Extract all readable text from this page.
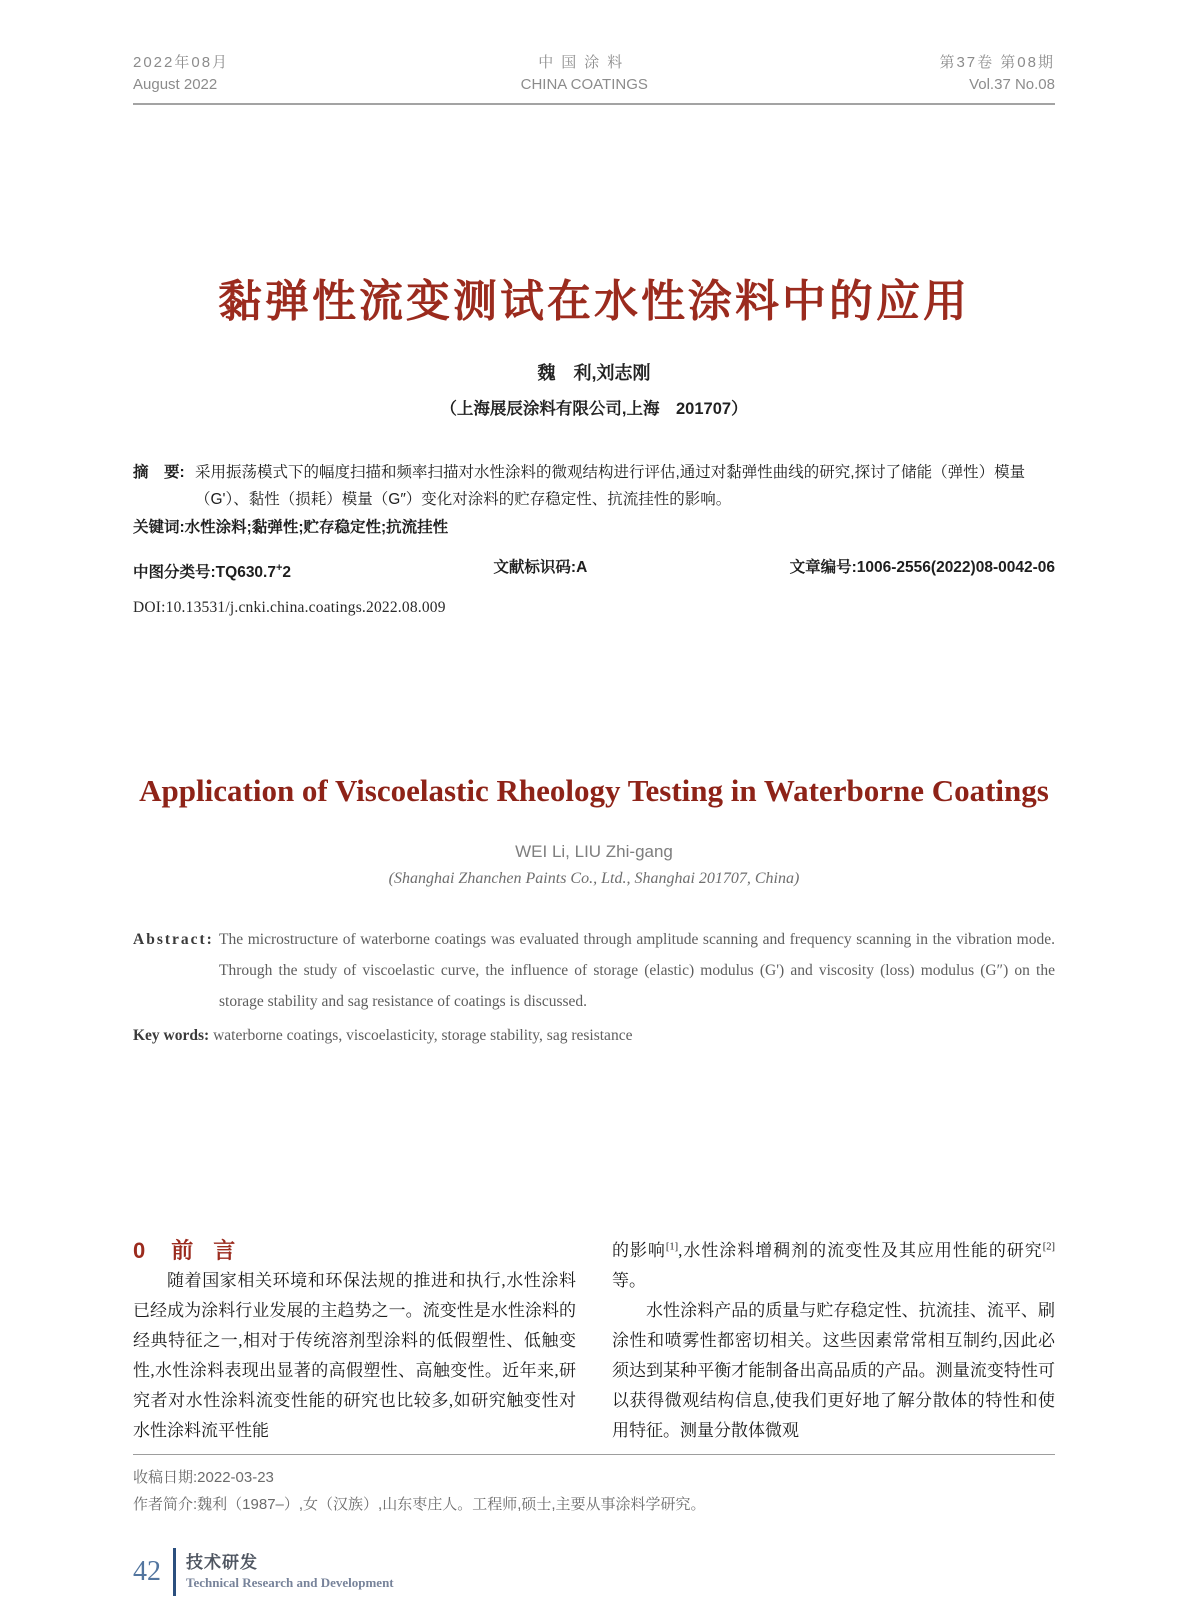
2022年08月
August 2022
中国涂料
CHINA COATINGS
第37卷 第08期
Vol.37 No.08
黏弹性流变测试在水性涂料中的应用
魏　利,刘志刚
（上海展辰涂料有限公司,上海　201707）
摘　要: 采用振荡模式下的幅度扫描和频率扫描对水性涂料的微观结构进行评估,通过对黏弹性曲线的研究,探讨了储能（弹性）模量（G'）、黏性（损耗）模量（G″）变化对涂料的贮存稳定性、抗流挂性的影响。
关键词:水性涂料;黏弹性;贮存稳定性;抗流挂性
中图分类号:TQ630.7+2	文献标识码:A	文章编号:1006-2556(2022)08-0042-06
DOI:10.13531/j.cnki.china.coatings.2022.08.009
Application of Viscoelastic Rheology Testing in Waterborne Coatings
WEI Li, LIU Zhi-gang
(Shanghai Zhanchen Paints Co., Ltd., Shanghai 201707, China)
Abstract: The microstructure of waterborne coatings was evaluated through amplitude scanning and frequency scanning in the vibration mode. Through the study of viscoelastic curve, the influence of storage (elastic) modulus (G') and viscosity (loss) modulus (G″) on the storage stability and sag resistance of coatings is discussed.
Key words: waterborne coatings, viscoelasticity, storage stability, sag resistance
0 前言

随着国家相关环境和环保法规的推进和执行,水性涂料已经成为涂料行业发展的主趋势之一。流变性是水性涂料的经典特征之一,相对于传统溶剂型涂料的低假塑性、低触变性,水性涂料表现出显著的高假塑性、高触变性。近年来,研究者对水性涂料流变性能的研究也比较多,如研究触变性对水性涂料流平性能

的影响[1],水性涂料增稠剂的流变性及其应用性能的研究[2]等。

水性涂料产品的质量与贮存稳定性、抗流挂、流平、刷涂性和喷雾性都密切相关。这些因素常常相互制约,因此必须达到某种平衡才能制备出高品质的产品。测量流变特性可以获得微观结构信息,使我们更好地了解分散体的特性和使用特征。测量分散体微观

收稿日期:2022-03-23
作者简介:魏利（1987–）,女（汉族）,山东枣庄人。工程师,硕士,主要从事涂料学研究。
42 技术研发
Technical Research and Development
